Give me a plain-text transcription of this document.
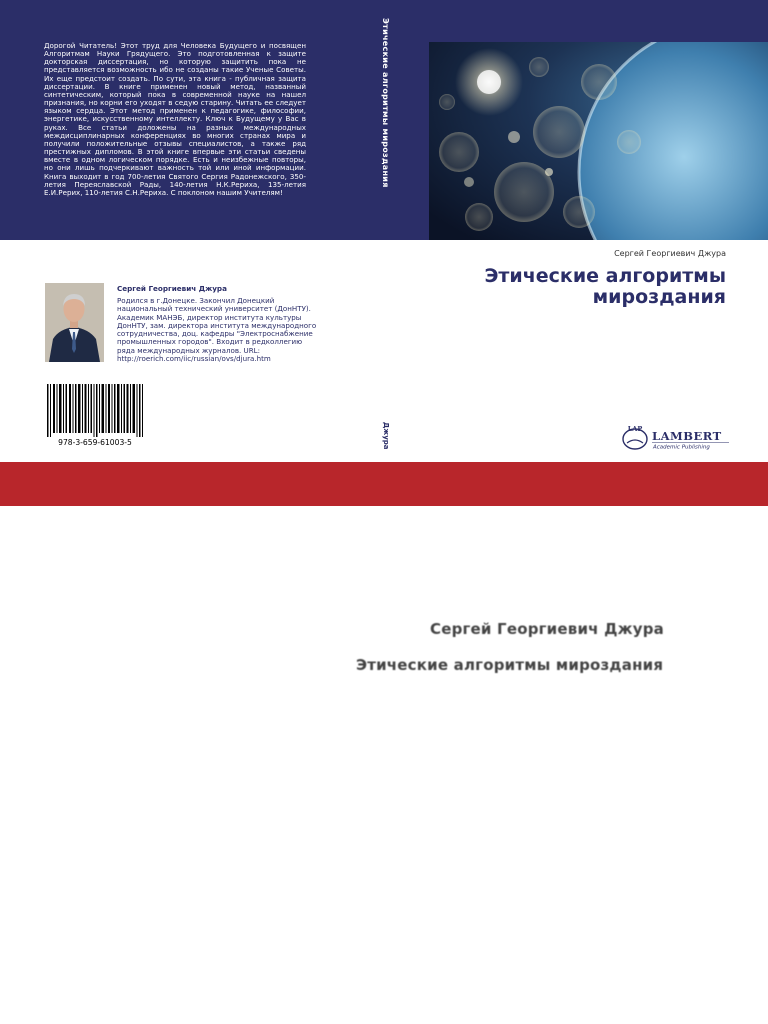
Дорогой Читатель! Этот труд для Человека Будущего и посвящен Алгоритмам Науки Грядущего. Это подготовленная к защите докторская диссертация, но которую защитить пока не представляется возможность ибо не созданы такие Ученые Советы. Их еще предстоит создать. По сути, эта книга - публичная защита диссертации. В книге применен новый метод, названный синтетическим, который пока в современной науке на нашел признания, но корни его уходят в седую старину. Читать ее следует языком сердца. Этот метод применен к педагогике, философии, энергетике, искусственному интеллекту. Ключ к Будущему у Вас в руках. Все статьи доложены на разных международных междисциплинарных конференциях во многих странах мира и получили положительные отзывы специалистов, а также ряд престижных дипломов. В этой книге впервые эти статьи сведены вместе в одном логическом порядке. Есть и неизбежные повторы, но они лишь подчеркивают важность той или иной информации. Книга выходит в год 700-летия Святого Сергия Радонежского, 350-летия Переяславской Рады, 140-летия Н.К.Рериха, 135-летия Е.И.Рерих, 110-летия С.Н.Рериха. С поклоном нашим Учителям!
Этические алгоритмы мироздания
Сергей Георгиевич Джура
Этические алгоритмы мироздания
Сергей Георгиевич Джура
Родился в г.Донецке. Закончил Донецкий национальный технический университет (ДонНТУ). Академик МАНЭБ, директор института культуры ДонНТУ, зам. директора института международного сотрудничества, доц. кафедры "Электроснабжение промышленных городов". Входит в редколлегию ряда международных журналов. URL: http://roerich.com/iic/russian/ovs/djura.htm
978-3-659-61003-5	Джура	LAP LAMBERT
Academic Publishing
Сергей Георгиевич Джура
Этические алгоритмы мироздания
